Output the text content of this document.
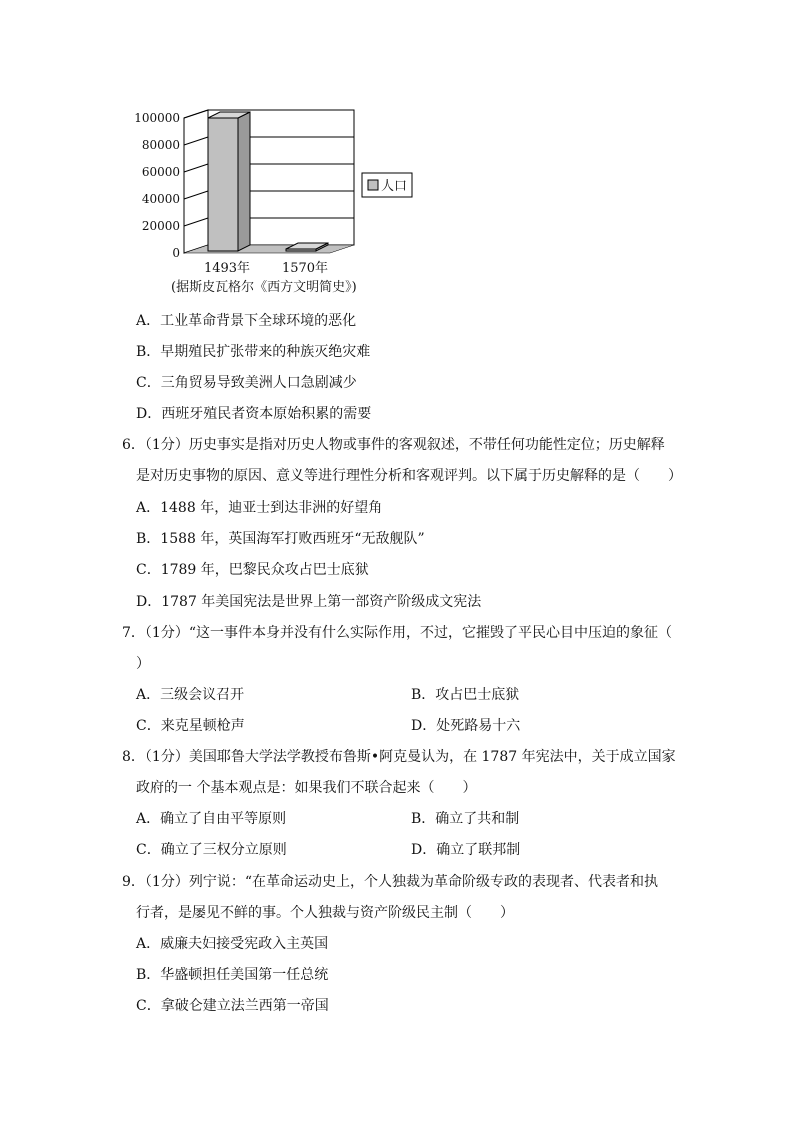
100000
80000
60000
40000
20000
0
1493年 1570年
人口
(据斯皮瓦格尔《西方文明简史》)
A．工业革命背景下全球环境的恶化
B．早期殖民扩张带来的种族灭绝灾难
C．三角贸易导致美洲人口急剧减少
D．西班牙殖民者资本原始积累的需要
6．（1分）历史事实是指对历史人物或事件的客观叙述，不带任何功能性定位；历史解释
是对历史事物的原因、意义等进行理性分析和客观评判。以下属于历史解释的是（　　）
A．1488 年，迪亚士到达非洲的好望角
B．1588 年，英国海军打败西班牙“无敌舰队”
C．1789 年，巴黎民众攻占巴士底狱
D．1787 年美国宪法是世界上第一部资产阶级成文宪法
7．（1分）“这一事件本身并没有什么实际作用，不过，它摧毁了平民心目中压迫的象征（
）
A．三级会议召开	B．攻占巴士底狱
C．来克星顿枪声	D．处死路易十六
8．（1分）美国耶鲁大学法学教授布鲁斯•阿克曼认为，在 1787 年宪法中，关于成立国家
政府的一 个基本观点是：如果我们不联合起来（　　）
A．确立了自由平等原则	B．确立了共和制
C．确立了三权分立原则	D．确立了联邦制
9．（1分）列宁说：“在革命运动史上，个人独裁为革命阶级专政的表现者、代表者和执
行者，是屡见不鲜的事。个人独裁与资产阶级民主制（　　）
A．威廉夫妇接受宪政入主英国
B．华盛顿担任美国第一任总统
C．拿破仑建立法兰西第一帝国
